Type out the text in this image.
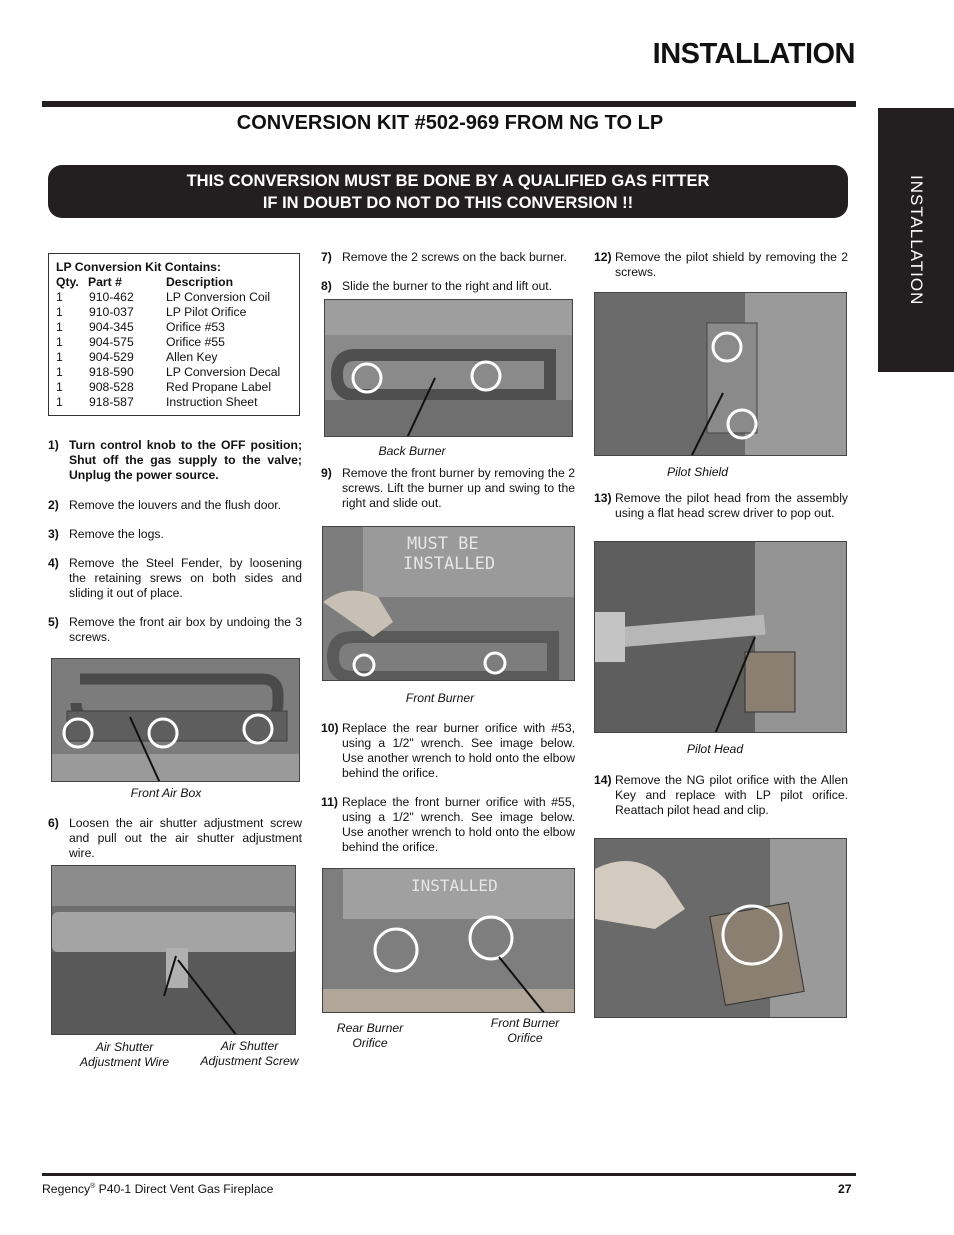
INSTALLATION
INSTALLATION
CONVERSION KIT #502-969 FROM NG TO LP
THIS CONVERSION MUST BE DONE BY A QUALIFIED GAS FITTER
IF IN DOUBT DO NOT DO THIS CONVERSION !!
LP Conversion Kit Contains:
Qty. Part #	Description
1	910-462	LP Conversion Coil
1	910-037	LP Pilot Orifice
1	904-345	Orifice #53
1	904-575	Orifice #55
1	904-529	Allen Key
1	918-590	LP Conversion Decal
1	908-528	Red Propane Label
1	918-587	Instruction Sheet
1) Turn control knob to the OFF position; Shut off the gas supply to the valve; Unplug the power source.
2) Remove the louvers and the flush door.
3) Remove the logs.
4) Remove the Steel Fender, by loosening the retaining srews on both sides and sliding it out of place.
5) Remove the front air box by undoing the 3 screws.
Front Air Box
6) Loosen the air shutter adjustment screw and pull out the air shutter adjustment wire.
Air Shutter Adjustment Wire
Air Shutter Adjustment Screw
7) Remove the 2 screws on the back burner.
8) Slide the burner to the right and lift out.
Back Burner
9) Remove the front burner by removing the 2 screws. Lift the burner up and swing to the right and slide out.
MUST BE
INSTALLED
Front Burner
10) Replace the rear burner orifice with #53, using a 1/2" wrench. See image below. Use another wrench to hold onto the elbow behind the orifice.
11) Replace the front burner orifice with #55, using a 1/2" wrench. See image below. Use another wrench to hold onto the elbow behind the orifice.
INSTALLED
Rear Burner Orifice
Front Burner Orifice
12) Remove the pilot shield by removing the 2 screws.
Pilot Shield
13) Remove the pilot head from the assembly using a flat head screw driver to pop out.
Pilot Head
14) Remove the NG pilot orifice with the Allen Key and replace with LP pilot orifice. Reattach pilot head and clip.
Regency® P40-1 Direct Vent Gas Fireplace	27
